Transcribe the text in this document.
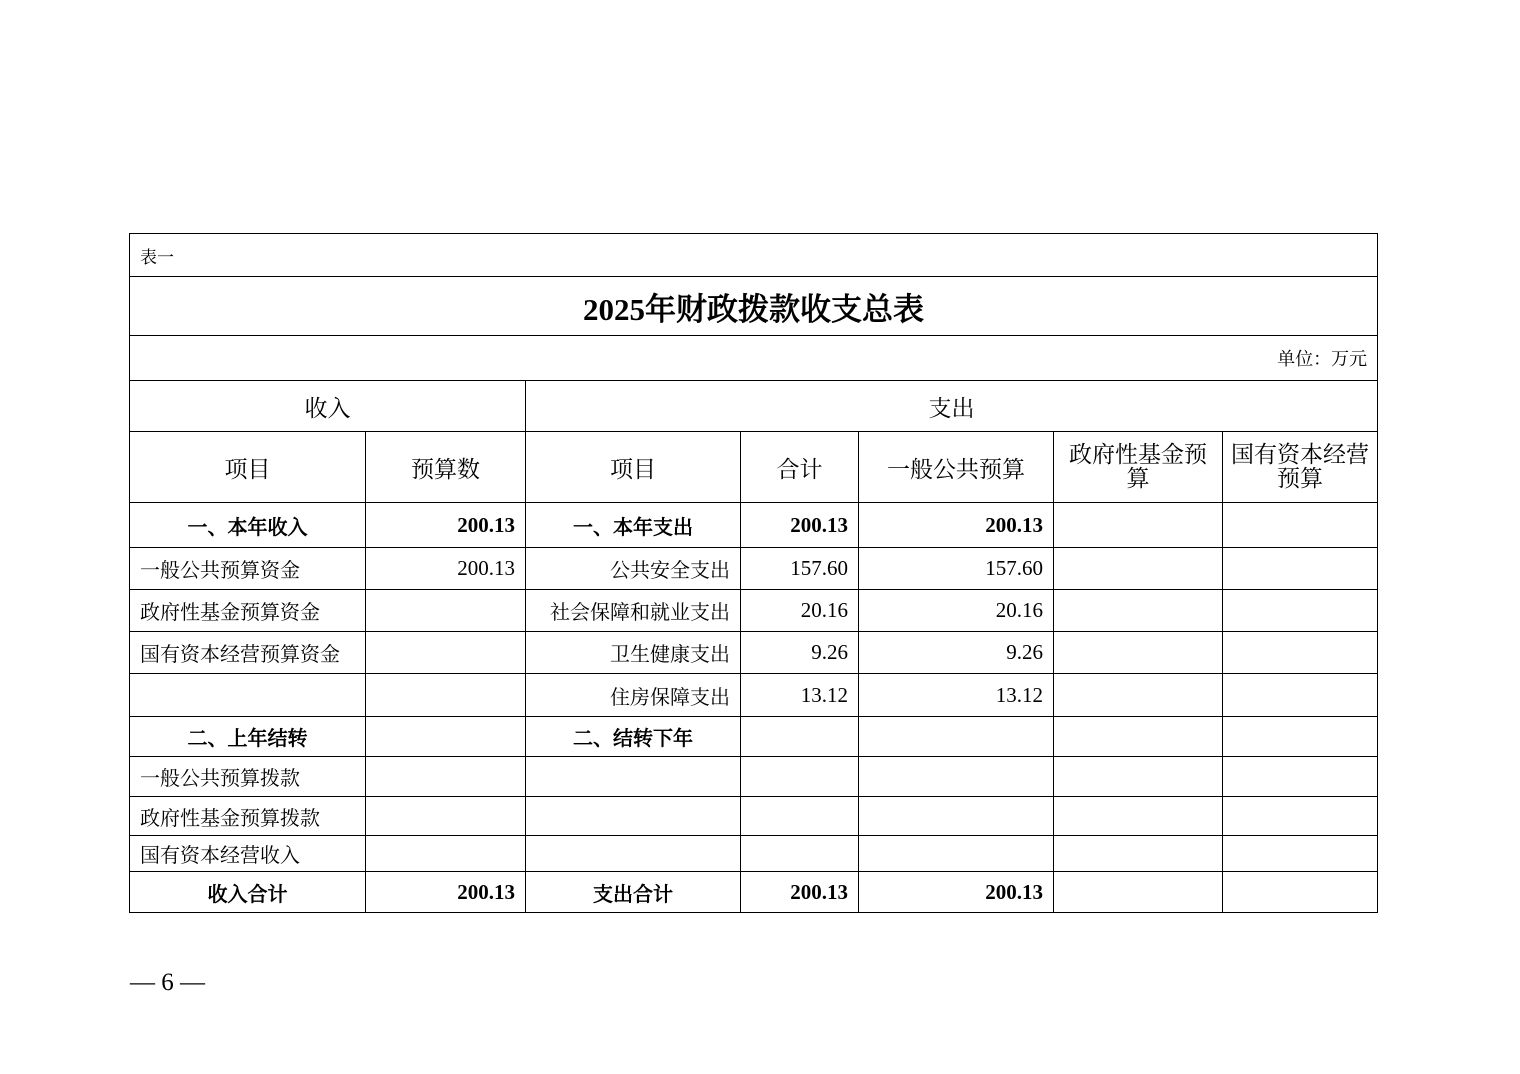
表一						
2025年财政拨款收支总表						
单位：万元						
收入		支出				
项目	预算数	项目	合计	一般公共预算	政府性基金预算	国有资本经营预算
一、本年收入	200.13	一、本年支出	200.13	200.13		
一般公共预算资金	200.13	公共安全支出	157.60	157.60		
政府性基金预算资金		社会保障和就业支出	20.16	20.16		
国有资本经营预算资金		卫生健康支出	9.26	9.26		
		住房保障支出	13.12	13.12		
二、上年结转		二、结转下年				
一般公共预算拨款						
政府性基金预算拨款						
国有资本经营收入						
收入合计	200.13	支出合计	200.13	200.13		
— 6 —
